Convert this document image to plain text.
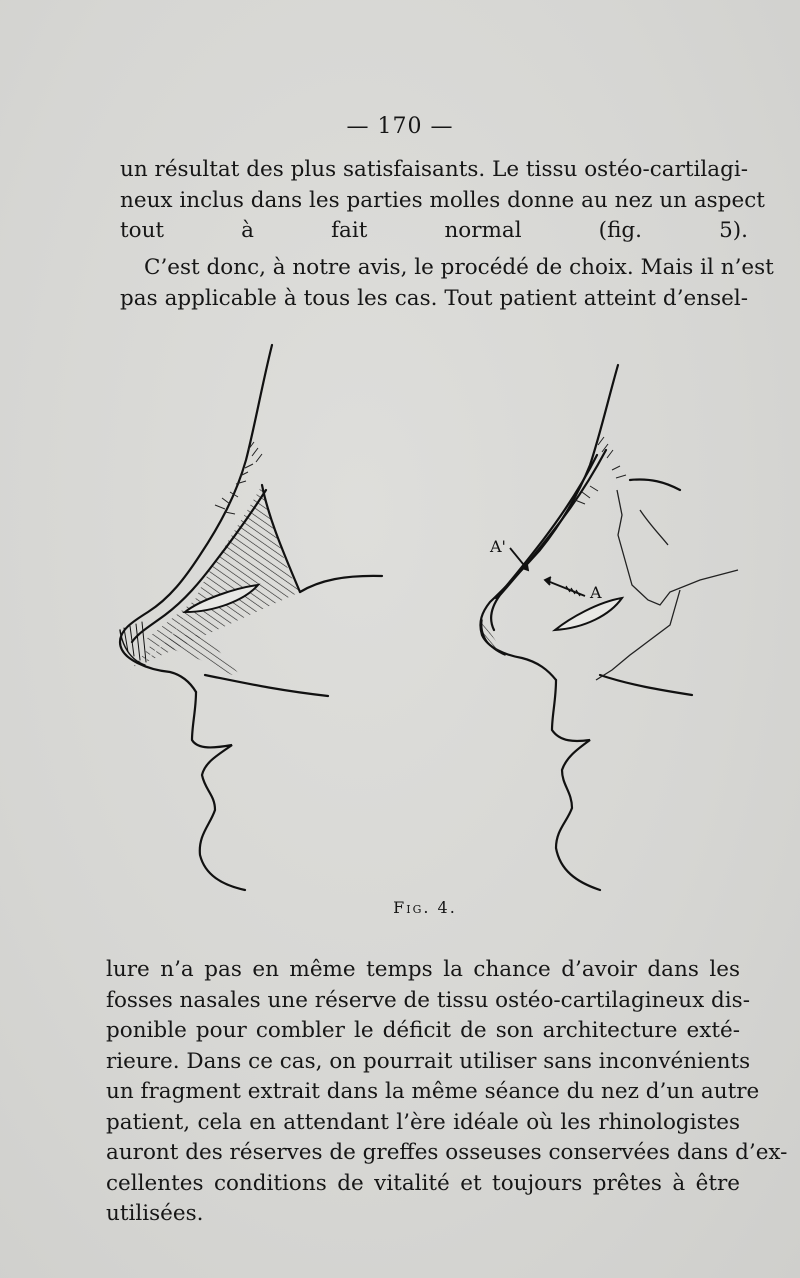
— 170 —
un résultat des plus satisfaisants. Le tissu ostéo-cartilagi-
neux inclus dans les parties molles donne au nez un aspect
tout à fait normal (fig. 5).
C’est donc, à notre avis, le procédé de choix. Mais il n’est
pas applicable à tous les cas. Tout patient atteint d’ensel-
A'
A
Fig. 4.
lure n’a pas en même temps la chance d’avoir dans les
fosses nasales une réserve de tissu ostéo-cartilagineux dis-
ponible pour combler le déficit de son architecture exté-
rieure. Dans ce cas, on pourrait utiliser sans inconvénients
un fragment extrait dans la même séance du nez d’un autre
patient, cela en attendant l’ère idéale où les rhinologistes
auront des réserves de greffes osseuses conservées dans d’ex-
cellentes conditions de vitalité et toujours prêtes à être
utilisées.
